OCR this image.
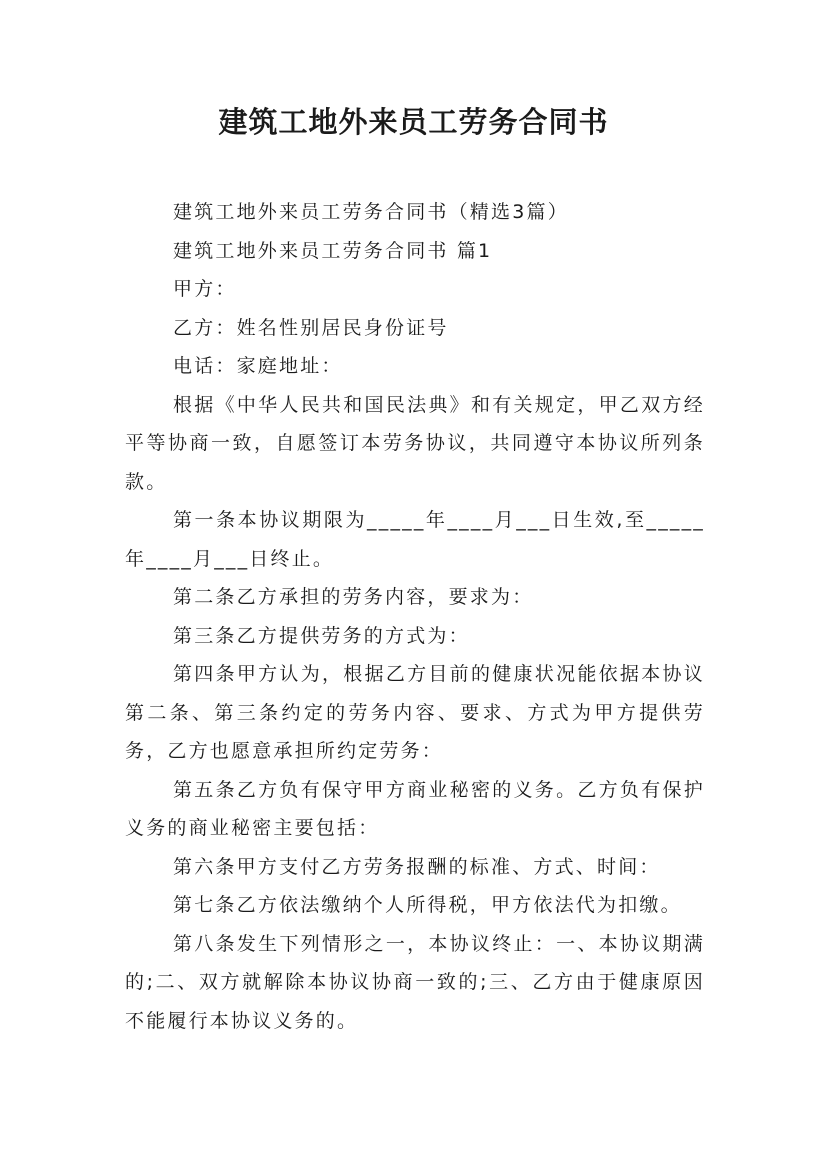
建筑工地外来员工劳务合同书

建筑工地外来员工劳务合同书（精选3篇）

建筑工地外来员工劳务合同书 篇1

甲方：

乙方：姓名性别居民身份证号

电话：家庭地址：

根据《中华人民共和国民法典》和有关规定，甲乙双方经平等协商一致，自愿签订本劳务协议，共同遵守本协议所列条款。

第一条本协议期限为_____年____月___日生效,至_____年____月___日终止。

第二条乙方承担的劳务内容，要求为：

第三条乙方提供劳务的方式为：

第四条甲方认为，根据乙方目前的健康状况能依据本协议第二条、第三条约定的劳务内容、要求、方式为甲方提供劳务，乙方也愿意承担所约定劳务：

第五条乙方负有保守甲方商业秘密的义务。乙方负有保护义务的商业秘密主要包括：

第六条甲方支付乙方劳务报酬的标准、方式、时间：

第七条乙方依法缴纳个人所得税，甲方依法代为扣缴。

第八条发生下列情形之一，本协议终止：一、本协议期满的;二、双方就解除本协议协商一致的;三、乙方由于健康原因不能履行本协议义务的。
